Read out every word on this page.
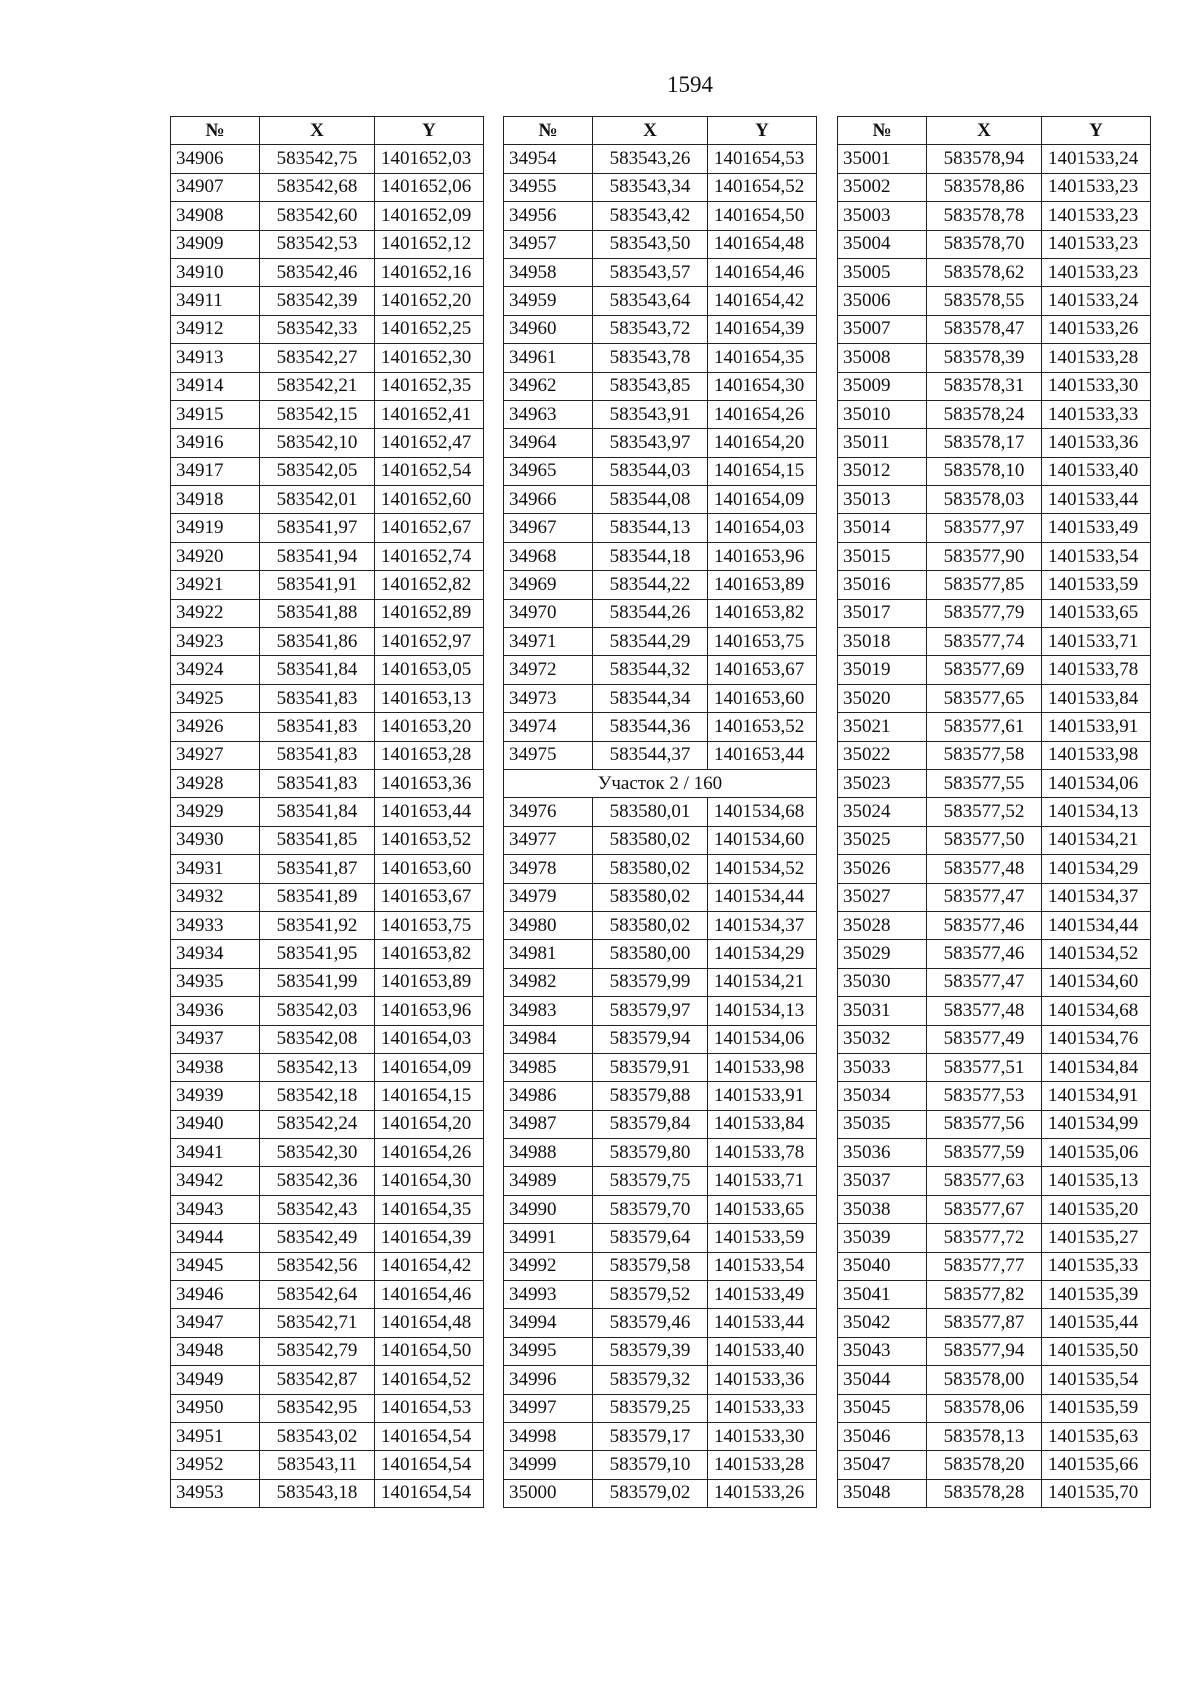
1594
№	X	Y
34906	583542,75	1401652,03
34907	583542,68	1401652,06
34908	583542,60	1401652,09
34909	583542,53	1401652,12
34910	583542,46	1401652,16
34911	583542,39	1401652,20
34912	583542,33	1401652,25
34913	583542,27	1401652,30
34914	583542,21	1401652,35
34915	583542,15	1401652,41
34916	583542,10	1401652,47
34917	583542,05	1401652,54
34918	583542,01	1401652,60
34919	583541,97	1401652,67
34920	583541,94	1401652,74
34921	583541,91	1401652,82
34922	583541,88	1401652,89
34923	583541,86	1401652,97
34924	583541,84	1401653,05
34925	583541,83	1401653,13
34926	583541,83	1401653,20
34927	583541,83	1401653,28
34928	583541,83	1401653,36
34929	583541,84	1401653,44
34930	583541,85	1401653,52
34931	583541,87	1401653,60
34932	583541,89	1401653,67
34933	583541,92	1401653,75
34934	583541,95	1401653,82
34935	583541,99	1401653,89
34936	583542,03	1401653,96
34937	583542,08	1401654,03
34938	583542,13	1401654,09
34939	583542,18	1401654,15
34940	583542,24	1401654,20
34941	583542,30	1401654,26
34942	583542,36	1401654,30
34943	583542,43	1401654,35
34944	583542,49	1401654,39
34945	583542,56	1401654,42
34946	583542,64	1401654,46
34947	583542,71	1401654,48
34948	583542,79	1401654,50
34949	583542,87	1401654,52
34950	583542,95	1401654,53
34951	583543,02	1401654,54
34952	583543,11	1401654,54
34953	583543,18	1401654,54
№	X	Y
34954	583543,26	1401654,53
34955	583543,34	1401654,52
34956	583543,42	1401654,50
34957	583543,50	1401654,48
34958	583543,57	1401654,46
34959	583543,64	1401654,42
34960	583543,72	1401654,39
34961	583543,78	1401654,35
34962	583543,85	1401654,30
34963	583543,91	1401654,26
34964	583543,97	1401654,20
34965	583544,03	1401654,15
34966	583544,08	1401654,09
34967	583544,13	1401654,03
34968	583544,18	1401653,96
34969	583544,22	1401653,89
34970	583544,26	1401653,82
34971	583544,29	1401653,75
34972	583544,32	1401653,67
34973	583544,34	1401653,60
34974	583544,36	1401653,52
34975	583544,37	1401653,44
Участок 2 / 160		
34976	583580,01	1401534,68
34977	583580,02	1401534,60
34978	583580,02	1401534,52
34979	583580,02	1401534,44
34980	583580,02	1401534,37
34981	583580,00	1401534,29
34982	583579,99	1401534,21
34983	583579,97	1401534,13
34984	583579,94	1401534,06
34985	583579,91	1401533,98
34986	583579,88	1401533,91
34987	583579,84	1401533,84
34988	583579,80	1401533,78
34989	583579,75	1401533,71
34990	583579,70	1401533,65
34991	583579,64	1401533,59
34992	583579,58	1401533,54
34993	583579,52	1401533,49
34994	583579,46	1401533,44
34995	583579,39	1401533,40
34996	583579,32	1401533,36
34997	583579,25	1401533,33
34998	583579,17	1401533,30
34999	583579,10	1401533,28
35000	583579,02	1401533,26
№	X	Y
35001	583578,94	1401533,24
35002	583578,86	1401533,23
35003	583578,78	1401533,23
35004	583578,70	1401533,23
35005	583578,62	1401533,23
35006	583578,55	1401533,24
35007	583578,47	1401533,26
35008	583578,39	1401533,28
35009	583578,31	1401533,30
35010	583578,24	1401533,33
35011	583578,17	1401533,36
35012	583578,10	1401533,40
35013	583578,03	1401533,44
35014	583577,97	1401533,49
35015	583577,90	1401533,54
35016	583577,85	1401533,59
35017	583577,79	1401533,65
35018	583577,74	1401533,71
35019	583577,69	1401533,78
35020	583577,65	1401533,84
35021	583577,61	1401533,91
35022	583577,58	1401533,98
35023	583577,55	1401534,06
35024	583577,52	1401534,13
35025	583577,50	1401534,21
35026	583577,48	1401534,29
35027	583577,47	1401534,37
35028	583577,46	1401534,44
35029	583577,46	1401534,52
35030	583577,47	1401534,60
35031	583577,48	1401534,68
35032	583577,49	1401534,76
35033	583577,51	1401534,84
35034	583577,53	1401534,91
35035	583577,56	1401534,99
35036	583577,59	1401535,06
35037	583577,63	1401535,13
35038	583577,67	1401535,20
35039	583577,72	1401535,27
35040	583577,77	1401535,33
35041	583577,82	1401535,39
35042	583577,87	1401535,44
35043	583577,94	1401535,50
35044	583578,00	1401535,54
35045	583578,06	1401535,59
35046	583578,13	1401535,63
35047	583578,20	1401535,66
35048	583578,28	1401535,70
